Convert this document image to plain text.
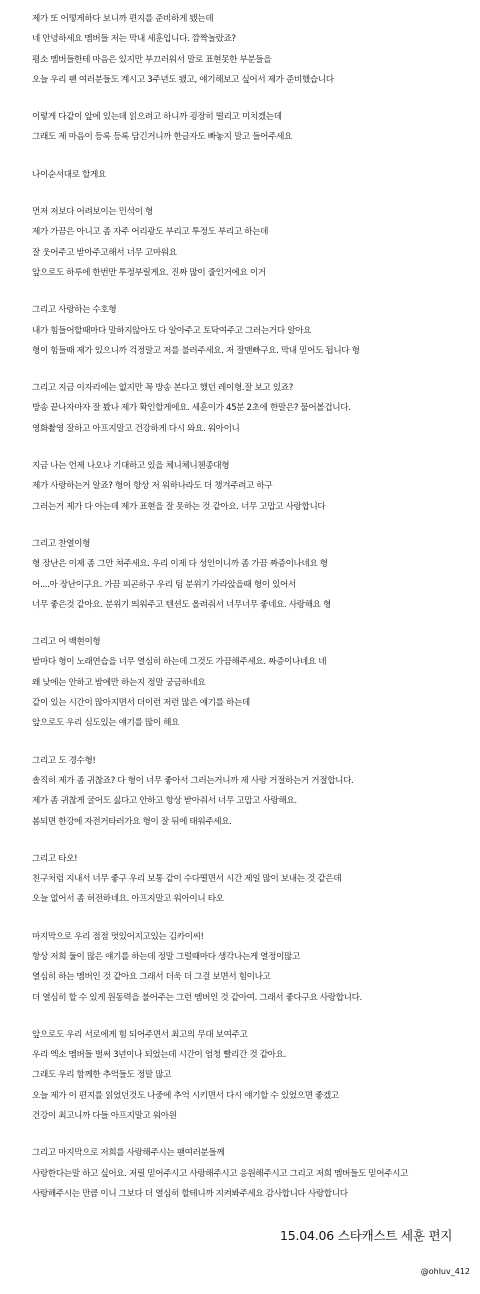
제가 또 어떻게하다 보니까 편지를 준비하게 됐는데
네 안녕하세요 멤버들 저는 막내 세훈입니다. 깜짝놀랐죠?
평소 멤버들한테 마음은 있지만 부끄러워서 말로 표현못한 부분들을
오늘 우리 팬 여러분들도 계시고 3주년도 됐고, 얘기해보고 싶어서 제가 준비했습니다
이렇게 다같이 앞에 있는데 읽으려고 하니까 굉장히 떨리고 미치겠는데
그래도 제 마음이 등록 등록 담긴거니까 한글자도 빠놓지 말고 들어주세요
나이순서대로 할게요
먼저 저보다 어려보이는 민석이 형
제가 가끔은 아니고 좀 자주 어리광도 부리고 투정도 부리고 하는데
잘 웃어주고 받아주고해서 너무 고마워요
앞으로도 하루에 한번만 투정부릴게요. 진짜 많이 줄인거에요 이거
그리고 사랑하는 수호형
내가 힘들어할때마다 말하지않아도 다 알아주고 토닥여주고 그러는거다 알아요
형이 힘들때 제가 있으니까 걱정말고 저를 불러주세요. 저 잘맨빠구요. 막내 믿어도 됩니다 형
그리고 지금 이자리에는 없지만 꼭 방송 본다고 했던 레이형.잘 보고 있죠?
방송 끝나자마자 잘 봤나 제가 확인할게에요. 세훈이가 45분 2초에 한말은? 물어볼겁니다.
영화촬영 잘하고 아프지말고 건강하게 다시 와요. 워아이니
지금 나는 언제 나오나 기대하고 있을 체니체니첸종대형
제가 사랑하는거 알죠? 형이 항상 저 워하나라도 더 챙겨주려고 하구
그러는거 제가 다 아는데 제가 표현을 잘 못하는 것 같아요. 너무 고맙고 사랑합니다
그리고 찬열이형
형 장난은 이제 좀 그만 쳐주세요. 우리 이제 다 성인이니까 좀 가끔 짜증이나네요 형
어....아 장난이구요. 가끔 피곤하구 우리 팀 분위기 가라앉을때 형이 있어서
너무 좋은것 같아요. 분위기 띄워주고 텐션도 올려줘서 너무너무 좋네요. 사랑해요 형
그리고 어 백현이형
밤마다 형이 노래연습을 너무 열심히 하는데 그것도 가끔해주세요. 짜증이나네요 네
왜 낮에는 안하고 밤에만 하는지 정말 궁금하네요
같이 있는 시간이 많아지면서 더이런 저런 많은 얘기를 하는데
앞으로도 우리 심도있는 얘기를 많이 해요
그리고 도 경수형!
솔직히 제가 좀 귀찮죠? 다 형이 너무 좋아서 그러는거니까 제 사랑 거절하는거 거절합니다.
제가 좀 귀찮게 굴어도 싫다고 안하고 항상 받아줘서 너무 고맙고 사랑해요.
봄되면 한강에 자전거타러가요 형이 잘 뒤에 태워주세요.
그리고 타오!
친구처럼 지내서 너무 좋구 우리 보통 같이 수다떨면서 시간 제일 많이 보내는 것 같은데
오늘 없어서 좀 허전하네요. 아프지말고 워아이니 타오
마지막으로 우리 점점 멋있어지고있는 김카이씨!
항상 저희 둘이 많은 얘기를 하는데 정말 그럴때마다 생각나는게 열정이많고
열심히 하는 멤버인 것 같아요 그래서 더욱 더 그걸 보면서 힘이나고
더 열심히 할 수 있게 원동력을 불어주는 그런 멤버인 것 같아여. 그래서 좋다구요 사랑합니다.
앞으로도 우리 서로에게 힘 되어주면서 최고의 무대 보여주고
우리 엑소 멤버들 벌써 3년이나 되었는데 시간이 엄청 빨리간 것 같아요.
그래도 우리 함께한 추억들도 정말 많고
오늘 제가 이 편지를 읽었던것도 나중에 추억 시키면서 다시 얘기할 수 있었으면 좋겠고
건강이 최고니까 다들 아프지말고 워아원
그리고 마지막으로 저희를 사랑해주시는 팬여러분들께
사랑한다는말 하고 싶어요. 저릴 믿어주시고 사랑해주시고 응원해주시고 그리고 저희 멤버들도 믿어주시고
사랑해주시는 만큼 이니 그보다 더 열심히 할테니까 지켜봐주세요 감사합니다 사랑합니다
15.04.06 스타캐스트 세훈 편지
@ohluv_412
